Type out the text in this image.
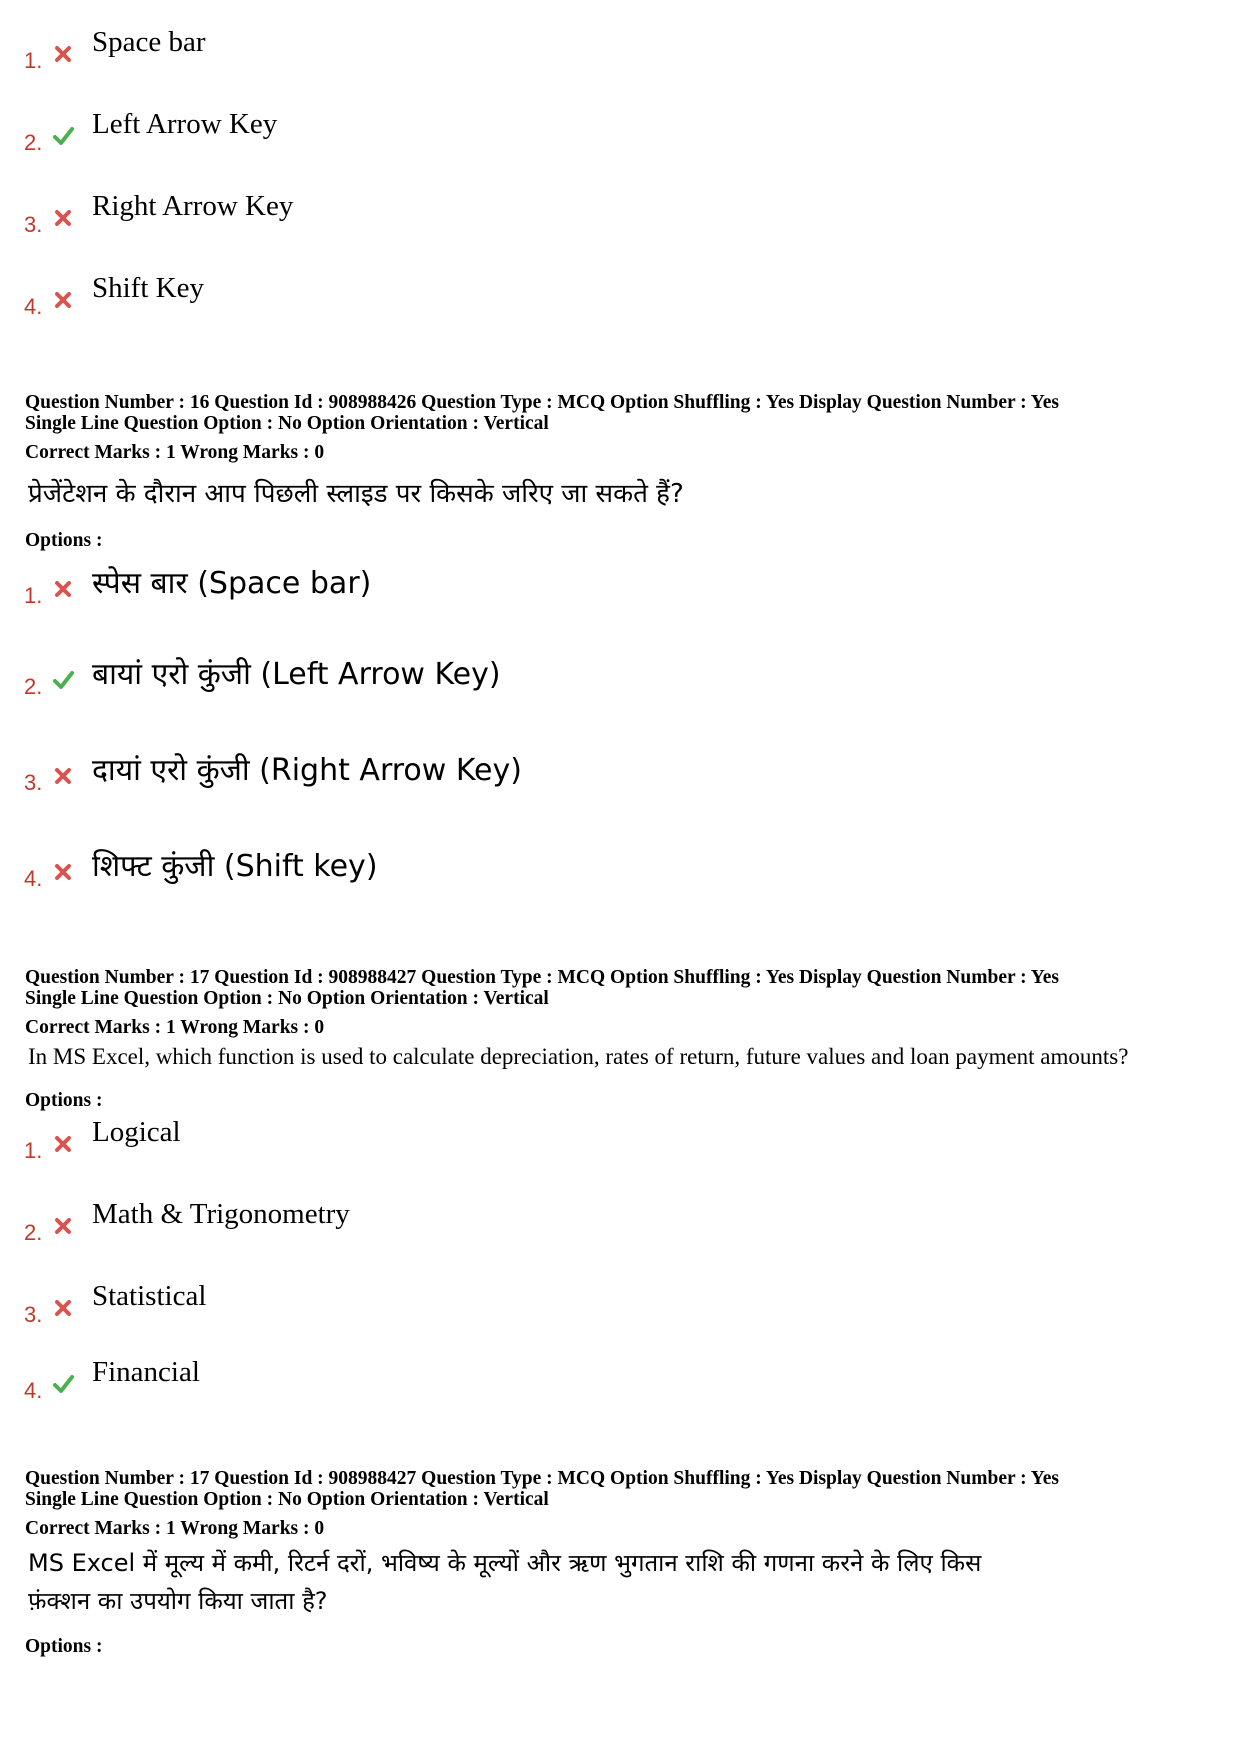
1.
Space bar
2.
Left Arrow Key
3.
Right Arrow Key
4.
Shift Key
Question Number : 16 Question Id : 908988426 Question Type : MCQ Option Shuffling : Yes Display Question Number : Yes
Single Line Question Option : No Option Orientation : Vertical
Correct Marks : 1 Wrong Marks : 0
प्रेजेंटेशन के दौरान आप पिछली स्लाइड पर किसके जरिए जा सकते हैं?
Options :
1. स्पेस बार (Space bar)
2. बायां एरो कुंजी (Left Arrow Key)
3. दायां एरो कुंजी (Right Arrow Key)
4. शिफ्ट कुंजी (Shift key)
Question Number : 17 Question Id : 908988427 Question Type : MCQ Option Shuffling : Yes Display Question Number : Yes
Single Line Question Option : No Option Orientation : Vertical
Correct Marks : 1 Wrong Marks : 0
In MS Excel, which function is used to calculate depreciation, rates of return, future values and loan payment amounts?
Options :
1.
Logical
2.
Math & Trigonometry
3.
Statistical
4.
Financial
Question Number : 17 Question Id : 908988427 Question Type : MCQ Option Shuffling : Yes Display Question Number : Yes
Single Line Question Option : No Option Orientation : Vertical
Correct Marks : 1 Wrong Marks : 0
MS Excel में मूल्य में कमी, रिटर्न दरों, भविष्य के मूल्यों और ऋण भुगतान राशि की गणना करने के लिए किस
फ़ंक्शन का उपयोग किया जाता है?
Options :
